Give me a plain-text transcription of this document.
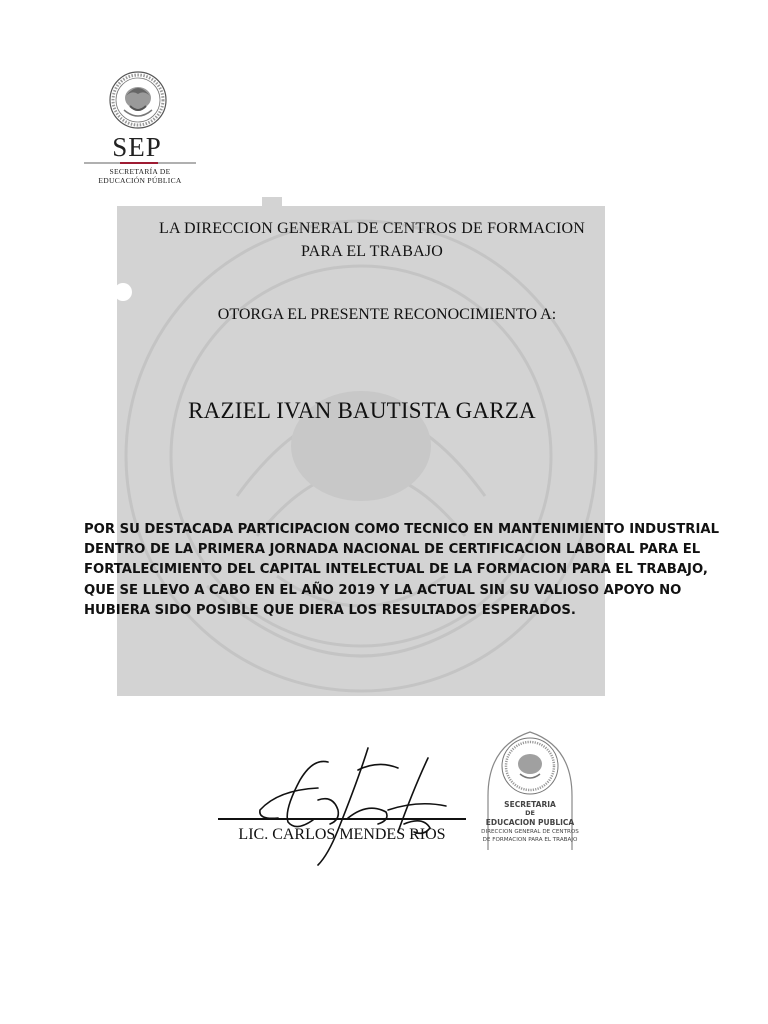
SEP
SECRETARÍA DE
EDUCACIÓN PÚBLICA
LA DIRECCION GENERAL DE CENTROS DE FORMACION
PARA EL TRABAJO
OTORGA EL PRESENTE RECONOCIMIENTO A:
RAZIEL IVAN BAUTISTA GARZA
POR SU DESTACADA PARTICIPACION COMO TECNICO EN MANTENIMIENTO INDUSTRIAL
DENTRO DE LA PRIMERA JORNADA NACIONAL DE CERTIFICACION LABORAL PARA EL
FORTALECIMIENTO DEL CAPITAL INTELECTUAL DE LA FORMACION PARA EL TRABAJO,
QUE SE LLEVO A CABO EN EL AÑO 2019 Y LA ACTUAL SIN SU VALIOSO APOYO NO
HUBIERA SIDO POSIBLE QUE DIERA LOS RESULTADOS ESPERADOS.
LIC. CARLOS MENDES RIOS
SECRETARIA
DE
EDUCACION PUBLICA
DIRECCION GENERAL DE CENTROS
DE FORMACION PARA EL TRABAJO
